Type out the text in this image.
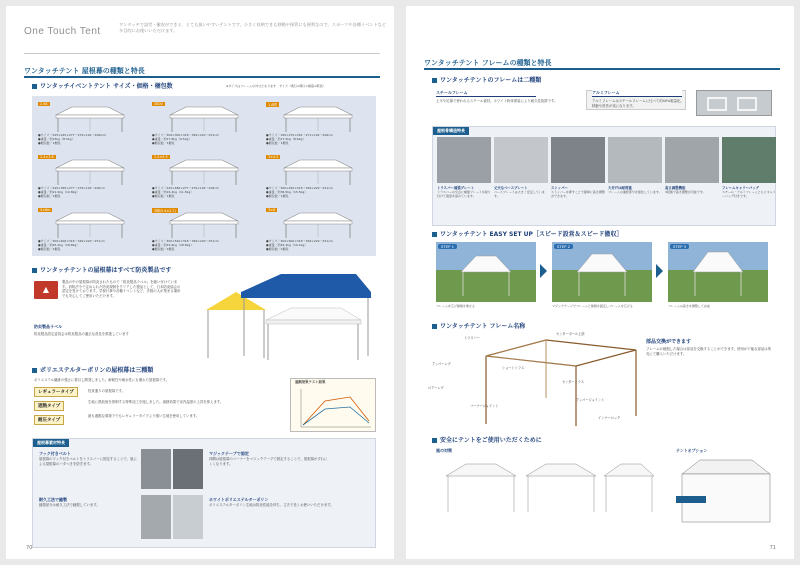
One Touch Tent
ワンタッチで設営・撤収ができる、とても扱いやすいテントです。小さく収納できも移動や保管にも便利なので、スポーツや各種イベントなど多目的にお使いいただけます。
ワンタッチテント 屋根幕の種類と特長
ワンタッチイベントテント サイズ・価格・梱包数	※サイズはフレームの外寸となります　サイズ（奥行×間口×棟高×軒高）
2.4K
●サイズ／245×245×277～279×192～206mm
●重量／約15kg（8.5kg）
●梱包数／1梱包
3000
●サイズ／300×300×318～349×220～251cm
●重量／約17.8kg（9.5kg）
●梱包数／1梱包
1.8間
●サイズ／180×270×261～271×192～206cm
●重量／約17.5kg（8.6kg）
●梱包数／1梱包
2.4×3.6
●サイズ／245×365×277～279×192～206cm
●重量／約21.9kg（10.8kg）
●梱包数／1梱包
2.4×4.5
●サイズ／245×486×277～279×192～206cm
●重量／約24.4kg（11.5kg）
●梱包数／1梱包
3×4.5
●サイズ／300×450×318～349×220～251cm
●重量／約36.5kg（15.5kg）
●梱包数／1梱包
3×6m
●サイズ／300×600×318～349×220～251cm
●重量／約45.4kg（18.8kg）
●梱包数／2梱包
3間(5.4×2.7)
●サイズ／300×540×318～349×220～251cm
●重量／約43.6kg（18.6kg）
●梱包数／2梱包
3×6
●サイズ／300×600×318～349×220～251cm
●重量／約45.4kg（19.1kg）
●梱包数／2梱包
ワンタッチテントの屋根幕はすべて防炎製品です
▲
製品の中の屋根幕が防炎されたもので「防炎製品ラベル」を縫い付けています。消防法令で定められた防炎規制をクリアした製品として、日本防炎協会の認定を受けております。学校行事や各種イベントなど、多数の人が集まる場所でも安心してご使用いただけます。
防炎製品ラベル
防炎製品認定委員会は防炎製品の適正な普及を推進しています
ポリエステルターポリンの屋根幕は三種類
ポリエステル繊維の強さに着目し開発しました。耐候性や耐水性にも優れた屋根幕です。
レギュラータイプ	従来通りの屋根幕です。
遮熱タイプ
生地に熱放射を抑制する特殊加工を施しました。遮熱効果で室内温度の上昇を抑えます。
耐圧タイプ
最も過酷な環境下でもレギュラータイプより強い生地を使用しています。
遮熱効果テスト結果
屋根幕素材特長
フック付きベルト
屋根幕のフック付きベルトをトラスバーに固定することで、風による屋根幕のバタつきを防ぎます。
マジックテープで固定
四隅は屋根幕のコーナーをマジックテープで固定することで、屋根幕がずれにくくなります。
耐久工法で縫製
縫製部分は耐久工法で縫製しています。
ホワイトポリエステルターポリン
ポリエステルターポリン生地は防炎性能を持ち、丈夫で長くお使いいただけます。
70
ワンタッチテント フレームの種類と特長
ワンタッチテントのフレームは二種類
スチールフレーム
土木や足場で使われるスチール素材。ホワイト粉体塗装により耐久性抜群です。
アルミフレーム
アルミフレームはスチールフレームに比べて約40%軽量化。移動や設営が楽になります。
屋根骨構造特長
トラスバー補強プレート
トラスバーの交点に補強プレートを取り付けて強度を高めています。
丈夫なベースプレート
ベースプレートは大きく安定しています。
ストッパー
ストッパーを押すことで簡単に高さ調整ができます。
大井戸は耐荷重
フレームの連結部分を強化しています。
高さ調整機能
3段階で高さ調整が可能です。
フレームキャリーバッグ
スチール・アルミフレームともにキャリーバッグ付きです。
ワンタッチテント EASY SET UP［スピード設営＆スピード撤収］
STEP 1
フレームを広げ屋根を乗せる
STEP 2
マジックテープでフレームと屋根を固定しフレームを広げる
STEP 3
フレームの高さを調整して完成
ワンタッチテント フレーム名称
センターポール上部
トラスバー
アッパーレグ
ショートトラス
ロアーレグ
コーナージョイント
センタートラス
アッパージョイント
インナーロック
部品交換ができます
フレームが破損した場合は部品を交換することができます。使用が不能な部品は別売にて購入いただけます。
安全にテントをご使用いただくために
風の対策	テントオプション
71
